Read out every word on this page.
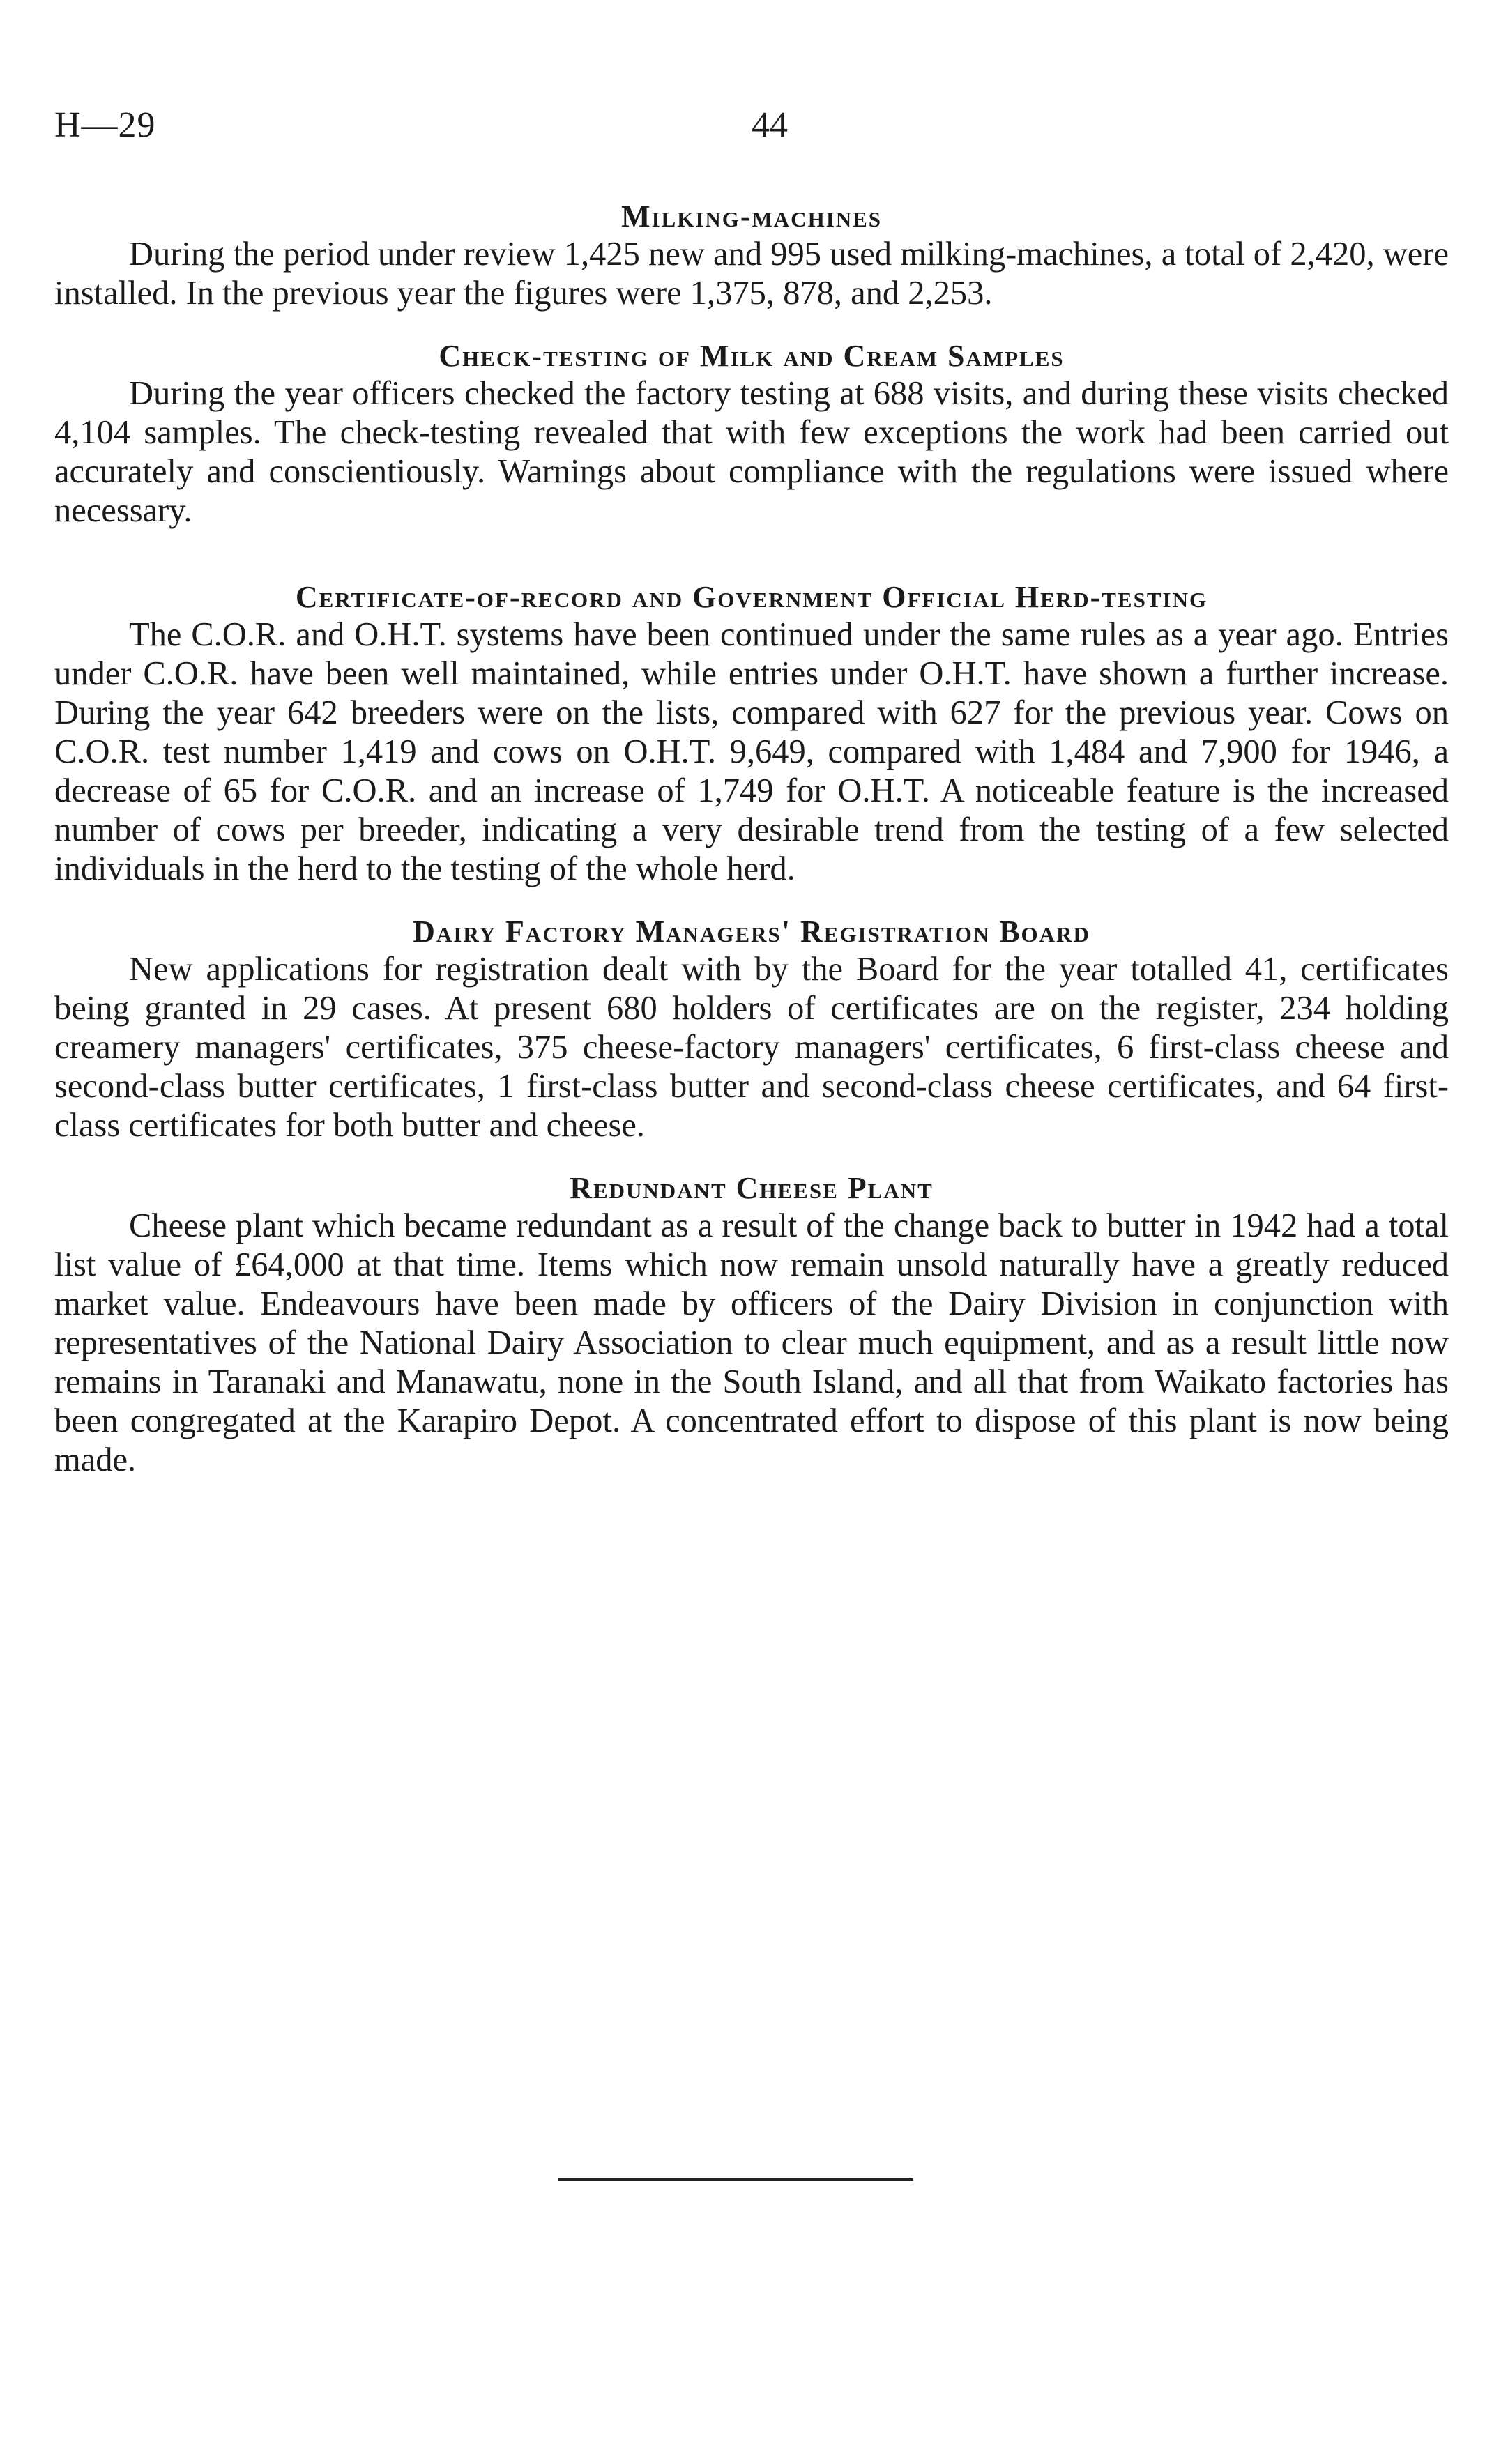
H—29	44
Milking-machines

During the period under review 1,425 new and 995 used milking-machines, a total of 2,420, were installed. In the previous year the figures were 1,375, 878, and 2,253.

Check-testing of Milk and Cream Samples

During the year officers checked the factory testing at 688 visits, and during these visits checked 4,104 samples. The check-testing revealed that with few exceptions the work had been carried out accurately and conscientiously. Warnings about compliance with the regulations were issued where necessary.

Certificate-of-record and Government Official Herd-testing

The C.O.R. and O.H.T. systems have been continued under the same rules as a year ago. Entries under C.O.R. have been well maintained, while entries under O.H.T. have shown a further increase. During the year 642 breeders were on the lists, compared with 627 for the previous year. Cows on C.O.R. test number 1,419 and cows on O.H.T. 9,649, compared with 1,484 and 7,900 for 1946, a decrease of 65 for C.O.R. and an increase of 1,749 for O.H.T. A noticeable feature is the increased number of cows per breeder, indicating a very desirable trend from the testing of a few selected individuals in the herd to the testing of the whole herd.

Dairy Factory Managers' Registration Board

New applications for registration dealt with by the Board for the year totalled 41, certificates being granted in 29 cases. At present 680 holders of certificates are on the register, 234 holding creamery managers' certificates, 375 cheese-factory managers' certificates, 6 first-class cheese and second-class butter certificates, 1 first-class butter and second-class cheese certificates, and 64 first-class certificates for both butter and cheese.

Redundant Cheese Plant

Cheese plant which became redundant as a result of the change back to butter in 1942 had a total list value of £64,000 at that time. Items which now remain unsold naturally have a greatly reduced market value. Endeavours have been made by officers of the Dairy Division in conjunction with representatives of the National Dairy Association to clear much equipment, and as a result little now remains in Taranaki and Manawatu, none in the South Island, and all that from Waikato factories has been congregated at the Karapiro Depot. A concentrated effort to dispose of this plant is now being made.
